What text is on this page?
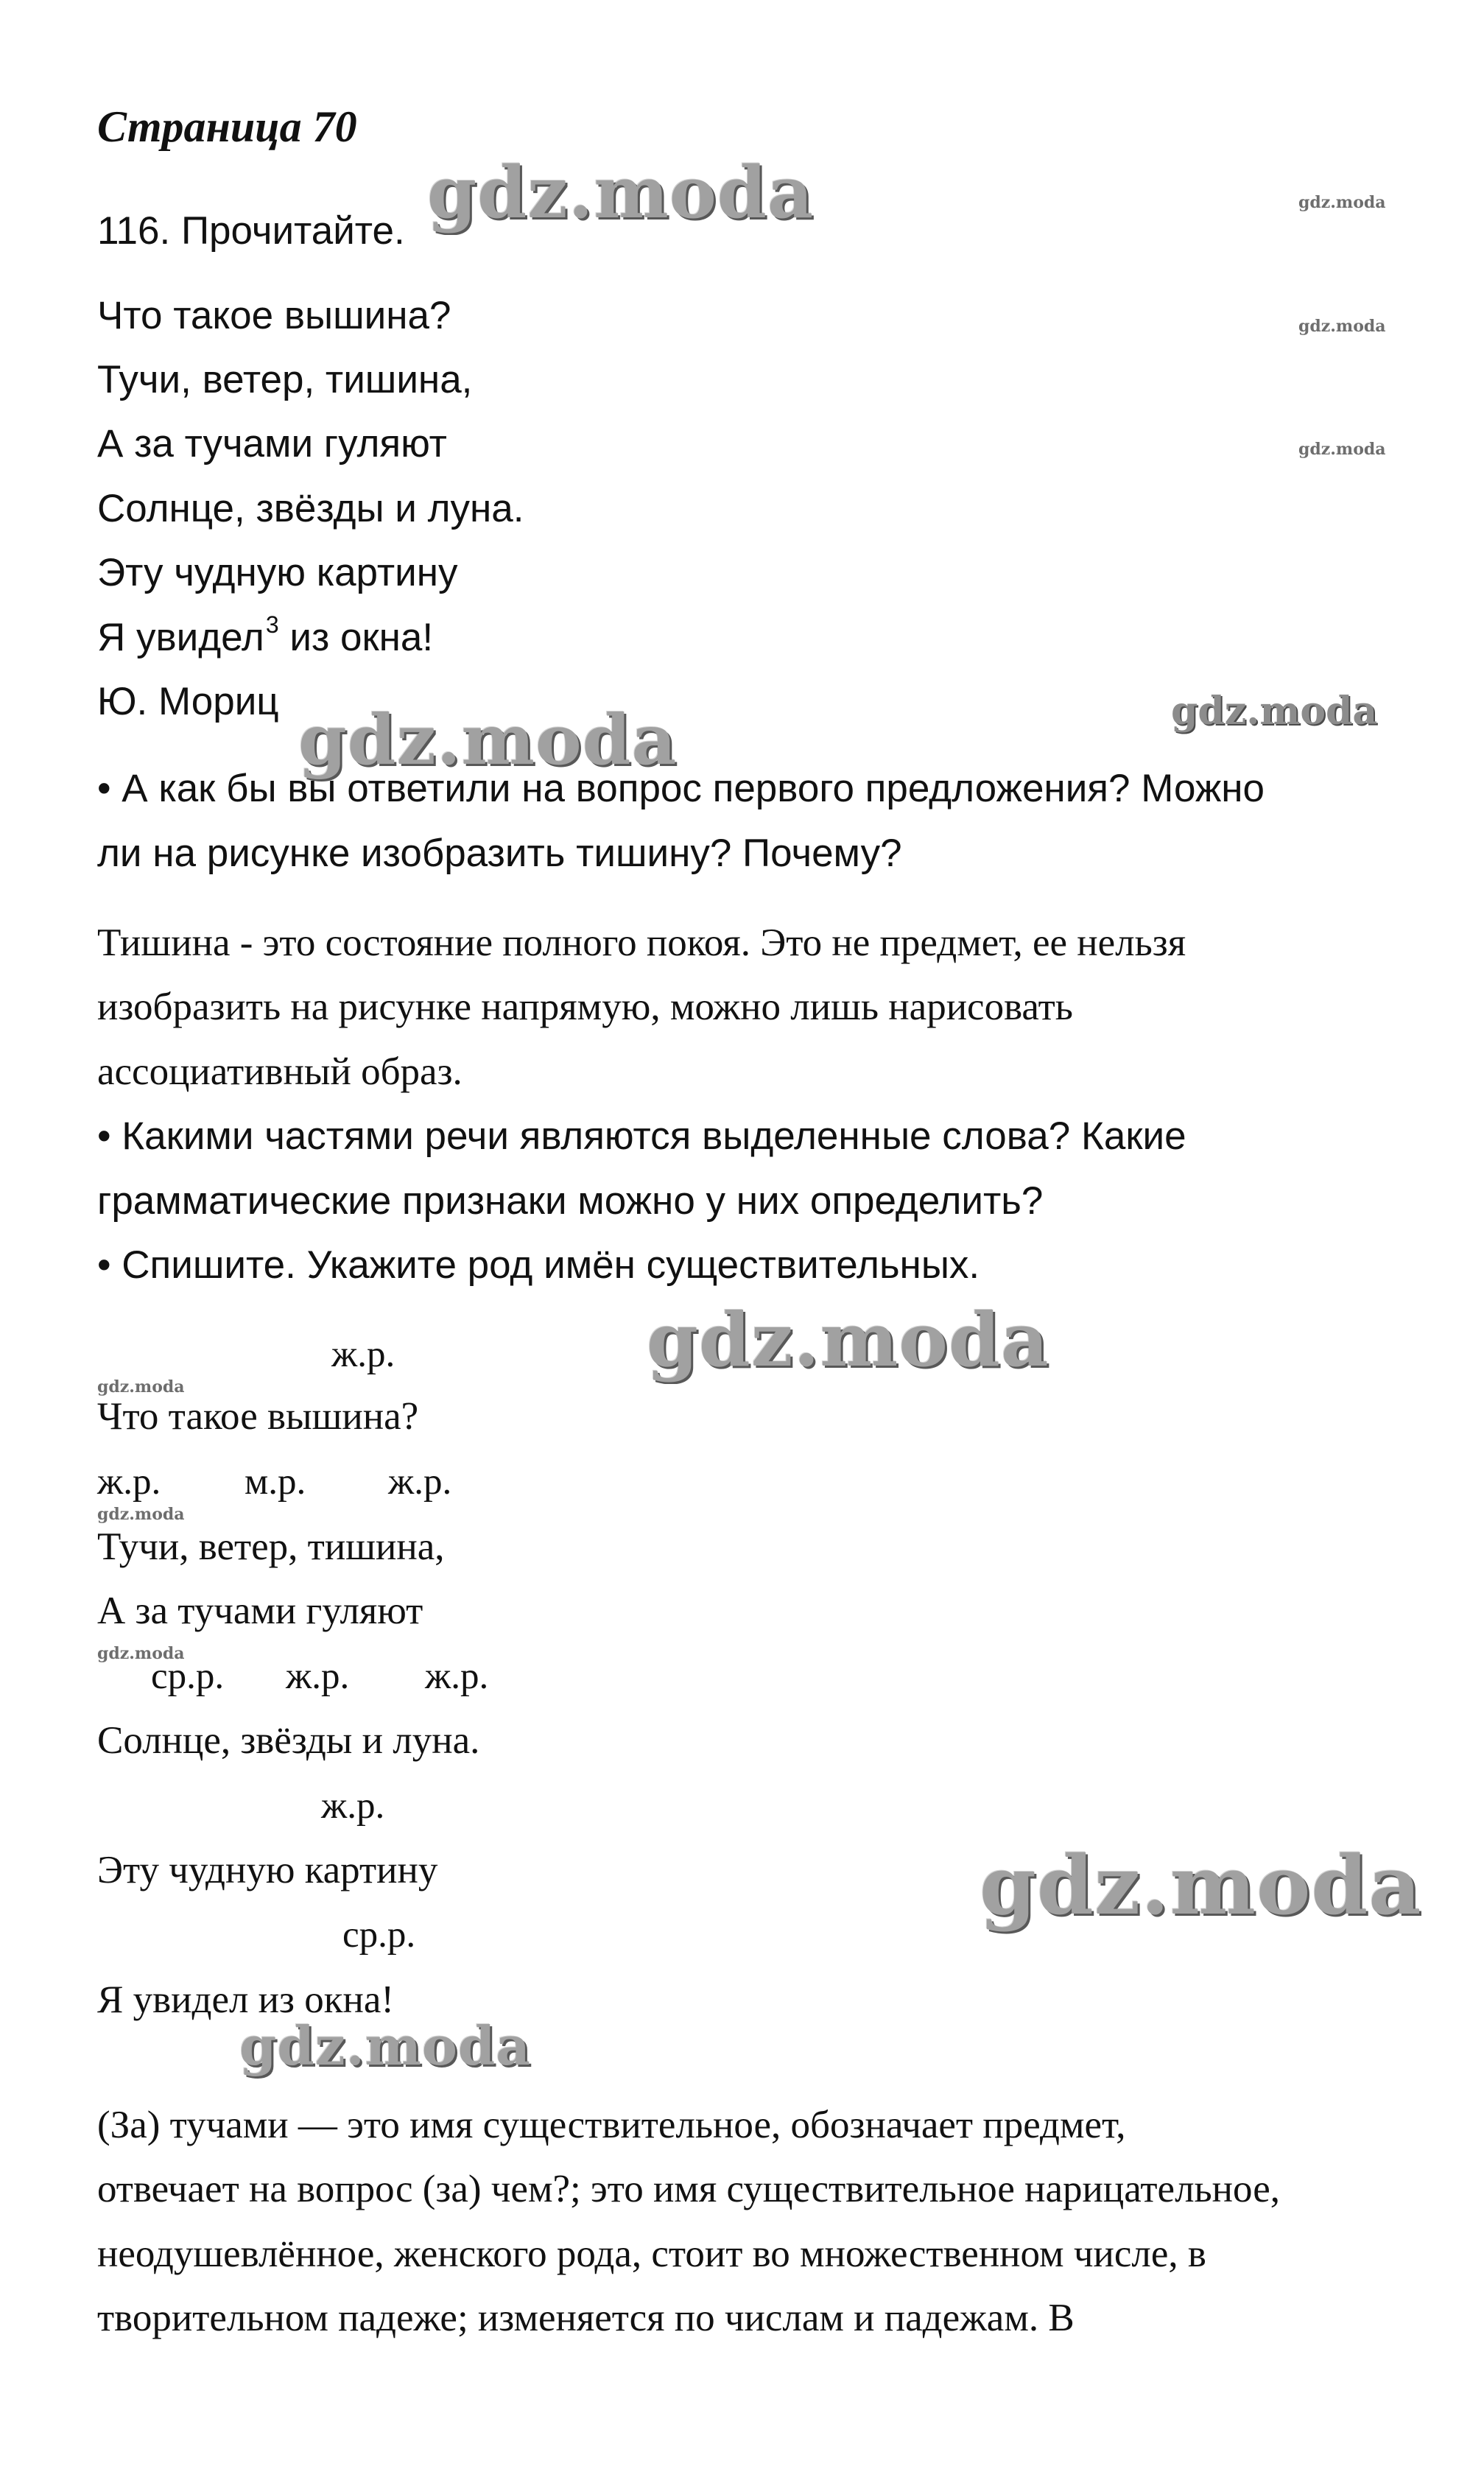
Страница 70
116. Прочитайте.
Что такое вышина?
Тучи, ветер, тишина,
А за тучами гуляют
Солнце, звёзды и луна.
Эту чудную картину
Я увидел$^3$ из окна!
Ю. Мориц
• А как бы вы ответили на вопрос первого предложения? Можно
ли на рисунке изобразить тишину? Почему?
Тишина - это состояние полного покоя. Это не предмет, ее нельзя
изобразить на рисунке напрямую, можно лишь нарисовать
ассоциативный образ.
• Какими частями речи являются выделенные слова? Какие
грамматические признаки можно у них определить?
• Спишите. Укажите род имён существительных.
ж.р.
Что такое вышина?
ж.р. м.р. ж.р.
Тучи, ветер, тишина,
А за тучами гуляют
ср.р. ж.р. ж.р.
Солнце, звёзды и луна.
ж.р.
Эту чудную картину
ср.р.
Я увидел из окна!
(За) тучами — это имя существительное, обозначает предмет,
отвечает на вопрос (за) чем?; это имя существительное нарицательное,
неодушевлённое, женского рода, стоит во множественном числе, в
творительном падеже; изменяется по числам и падежам. В
gdz.moda	gdz.moda
gdz.moda
gdz.moda
gdz.moda	gdz.moda
gdz.moda
gdz.moda
gdz.moda
gdz.moda
gdz.moda
gdz.moda
